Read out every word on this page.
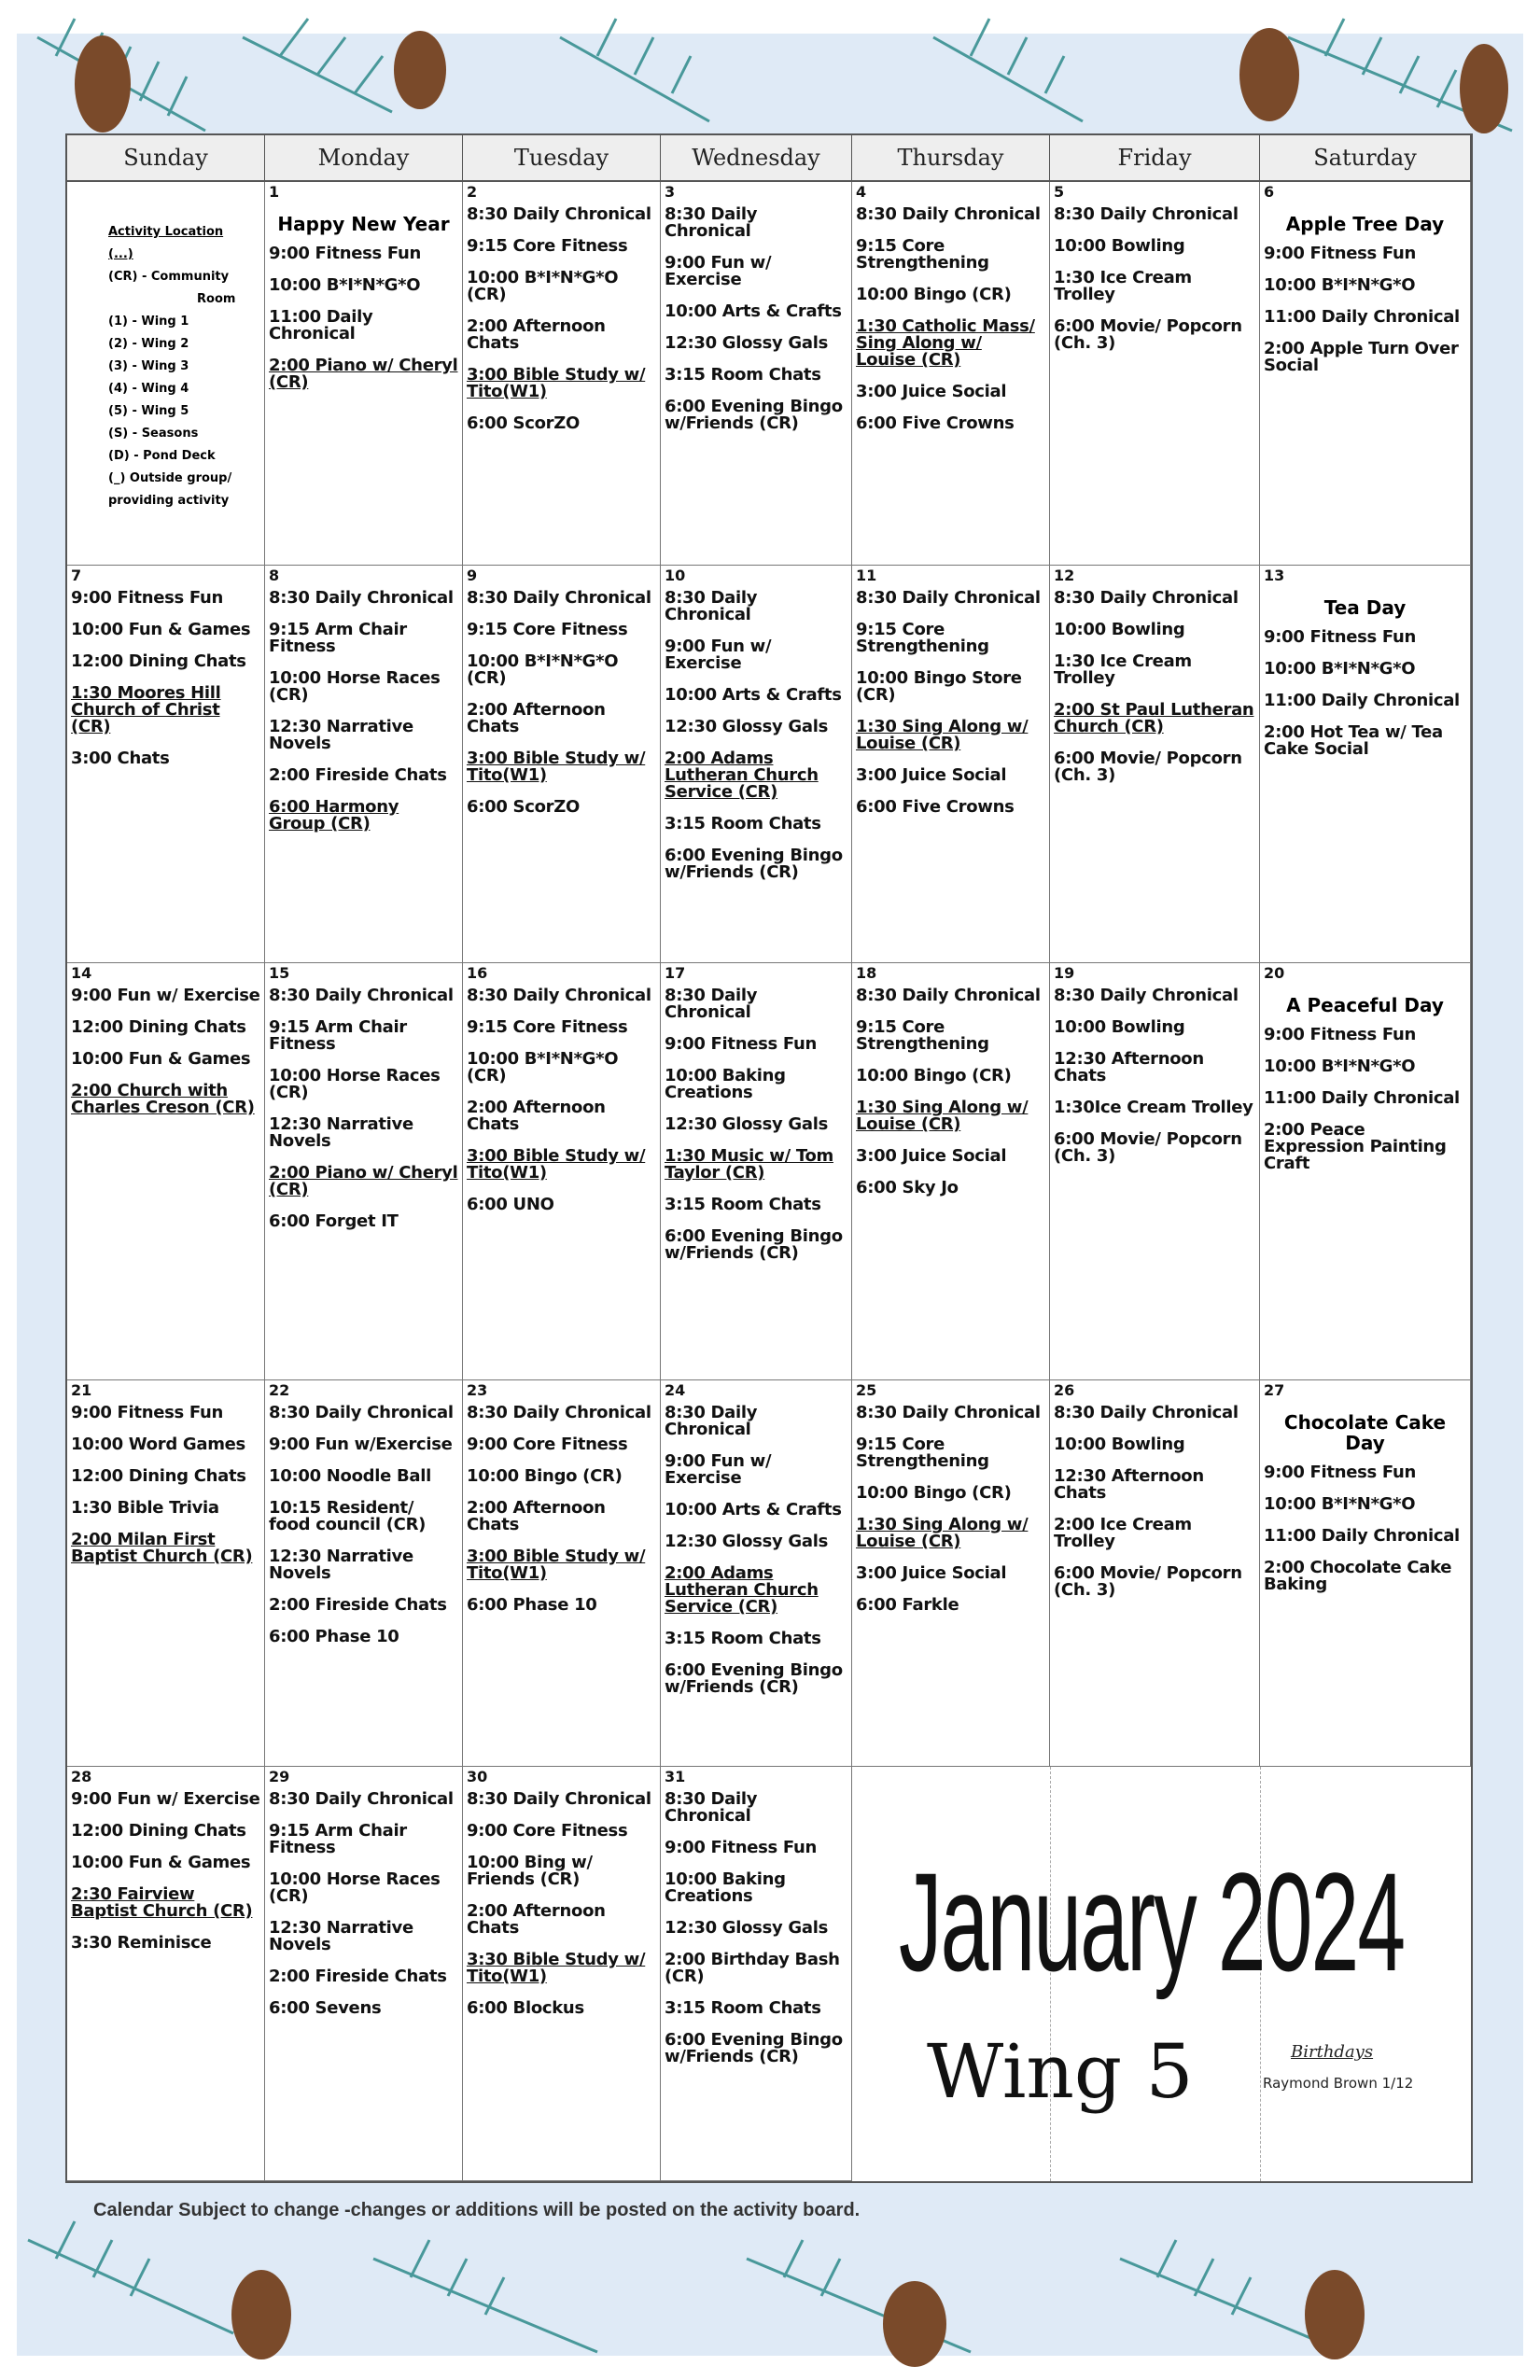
Sunday	Monday	Tuesday	Wednesday	Thursday	Friday	Saturday
Activity Location
(...)
(CR) - Community
Room
(1) - Wing 1
(2) - Wing 2
(3) - Wing 3
(4) - Wing 4
(5) - Wing 5
(S) - Seasons
(D) - Pond Deck
(_) Outside group/
providing activity
1
Happy New Year
9:00 Fitness Fun
10:00 B*I*N*G*O
11:00 Daily Chronical
2:00 Piano w/ Cheryl (CR)
2
8:30 Daily Chronical
9:15 Core Fitness
10:00 B*I*N*G*O (CR)
2:00 Afternoon Chats
3:00 Bible Study w/ Tito(W1)
6:00 ScorZO
3
8:30 Daily Chronical
9:00 Fun w/ Exercise
10:00 Arts & Crafts
12:30 Glossy Gals
3:15 Room Chats
6:00 Evening Bingo w/Friends (CR)
4
8:30 Daily Chronical
9:15 Core Strengthening
10:00 Bingo (CR)
1:30 Catholic Mass/ Sing Along w/ Louise (CR)
3:00 Juice Social
6:00 Five Crowns
5
8:30 Daily Chronical
10:00 Bowling
1:30 Ice Cream Trolley
6:00 Movie/ Popcorn (Ch. 3)
6
Apple Tree Day
9:00 Fitness Fun
10:00 B*I*N*G*O
11:00 Daily Chronical
2:00 Apple Turn Over Social
7
9:00 Fitness Fun
10:00 Fun & Games
12:00 Dining Chats
1:30 Moores Hill Church of Christ (CR)
3:00 Chats
8
8:30 Daily Chronical
9:15 Arm Chair Fitness
10:00 Horse Races (CR)
12:30 Narrative Novels
2:00 Fireside Chats
6:00 Harmony Group (CR)
9
8:30 Daily Chronical
9:15 Core Fitness
10:00 B*I*N*G*O (CR)
2:00 Afternoon Chats
3:00 Bible Study w/ Tito(W1)
6:00 ScorZO
10
8:30 Daily Chronical
9:00 Fun w/ Exercise
10:00 Arts & Crafts
12:30 Glossy Gals
2:00 Adams Lutheran Church Service (CR)
3:15 Room Chats
6:00 Evening Bingo w/Friends (CR)
11
8:30 Daily Chronical
9:15 Core Strengthening
10:00 Bingo Store (CR)
1:30 Sing Along w/ Louise (CR)
3:00 Juice Social
6:00 Five Crowns
12
8:30 Daily Chronical
10:00 Bowling
1:30 Ice Cream Trolley
2:00 St Paul Lutheran Church (CR)
6:00 Movie/ Popcorn (Ch. 3)
13
Tea Day
9:00 Fitness Fun
10:00 B*I*N*G*O
11:00 Daily Chronical
2:00 Hot Tea w/ Tea Cake Social
14
9:00 Fun w/ Exercise
12:00 Dining Chats
10:00 Fun & Games
2:00 Church with Charles Creson (CR)
15
8:30 Daily Chronical
9:15 Arm Chair Fitness
10:00 Horse Races (CR)
12:30 Narrative Novels
2:00 Piano w/ Cheryl (CR)
6:00 Forget IT
16
8:30 Daily Chronical
9:15 Core Fitness
10:00 B*I*N*G*O (CR)
2:00 Afternoon Chats
3:00 Bible Study w/ Tito(W1)
6:00 UNO
17
8:30 Daily Chronical
9:00 Fitness Fun
10:00 Baking Creations
12:30 Glossy Gals
1:30 Music w/ Tom Taylor (CR)
3:15 Room Chats
6:00 Evening Bingo w/Friends (CR)
18
8:30 Daily Chronical
9:15 Core Strengthening
10:00 Bingo (CR)
1:30 Sing Along w/ Louise (CR)
3:00 Juice Social
6:00 Sky Jo
19
8:30 Daily Chronical
10:00 Bowling
12:30 Afternoon Chats
1:30Ice Cream Trolley
6:00 Movie/ Popcorn (Ch. 3)
20
A Peaceful Day
9:00 Fitness Fun
10:00 B*I*N*G*O
11:00 Daily Chronical
2:00 Peace Expression Painting Craft
21
9:00 Fitness Fun
10:00 Word Games
12:00 Dining Chats
1:30 Bible Trivia
2:00 Milan First Baptist Church (CR)
22
8:30 Daily Chronical
9:00 Fun w/Exercise
10:00 Noodle Ball
10:15 Resident/ food council (CR)
12:30 Narrative Novels
2:00 Fireside Chats
6:00 Phase 10
23
8:30 Daily Chronical
9:00 Core Fitness
10:00 Bingo (CR)
2:00 Afternoon Chats
3:00 Bible Study w/ Tito(W1)
6:00 Phase 10
24
8:30 Daily Chronical
9:00 Fun w/ Exercise
10:00 Arts & Crafts
12:30 Glossy Gals
2:00 Adams Lutheran Church Service (CR)
3:15 Room Chats
6:00 Evening Bingo w/Friends (CR)
25
8:30 Daily Chronical
9:15 Core Strengthening
10:00 Bingo (CR)
1:30 Sing Along w/ Louise (CR)
3:00 Juice Social
6:00 Farkle
26
8:30 Daily Chronical
10:00 Bowling
12:30 Afternoon Chats
2:00 Ice Cream Trolley
6:00 Movie/ Popcorn (Ch. 3)
27
Chocolate Cake Day
9:00 Fitness Fun
10:00 B*I*N*G*O
11:00 Daily Chronical
2:00 Chocolate Cake Baking
28
9:00 Fun w/ Exercise
12:00 Dining Chats
10:00 Fun & Games
2:30 Fairview Baptist Church (CR)
3:30 Reminisce
29
8:30 Daily Chronical
9:15 Arm Chair Fitness
10:00 Horse Races (CR)
12:30 Narrative Novels
2:00 Fireside Chats
6:00 Sevens
30
8:30 Daily Chronical
9:00 Core Fitness
10:00 Bing w/ Friends (CR)
2:00 Afternoon Chats
3:30 Bible Study w/ Tito(W1)
6:00 Blockus
31
8:30 Daily Chronical
9:00 Fitness Fun
10:00 Baking Creations
12:30 Glossy Gals
2:00 Birthday Bash (CR)
3:15 Room Chats
6:00 Evening Bingo w/Friends (CR)
January 2024
Wing 5	Birthdays
Raymond Brown 1/12
Calendar Subject to change -changes or additions will be posted on the activity board.
